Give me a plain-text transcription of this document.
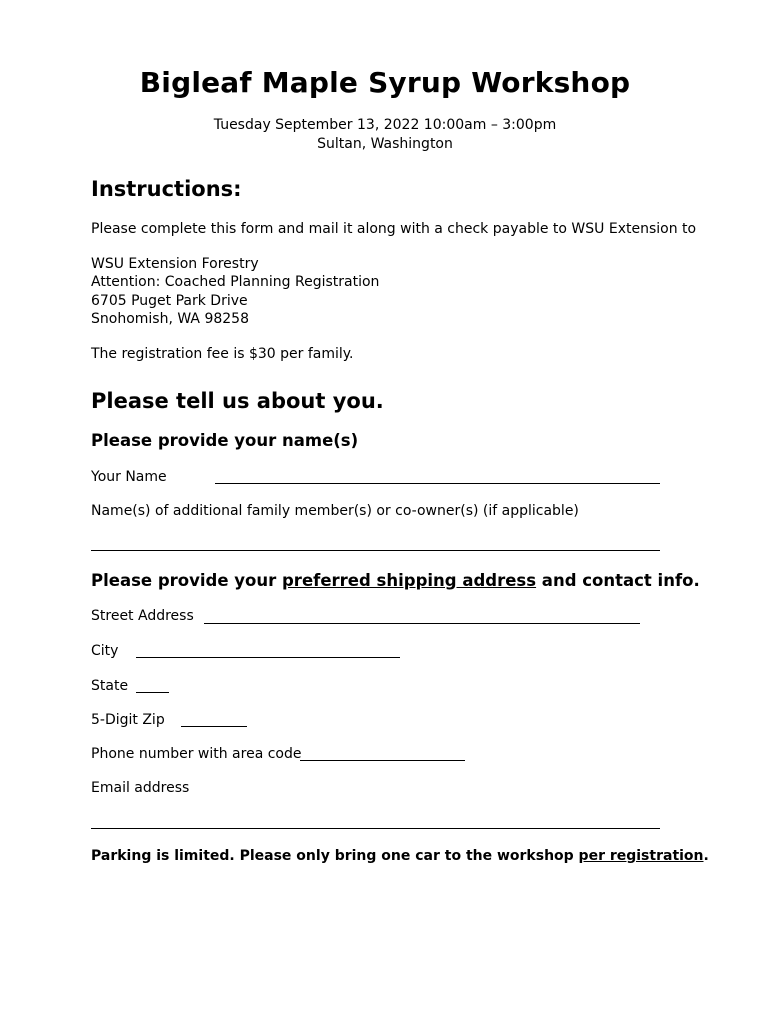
Bigleaf Maple Syrup Workshop
Tuesday September 13, 2022 10:00am – 3:00pm
Sultan, Washington
Instructions:
Please complete this form and mail it along with a check payable to WSU Extension to
WSU Extension Forestry
Attention: Coached Planning Registration
6705 Puget Park Drive
Snohomish, WA 98258
The registration fee is $30 per family.
Please tell us about you.
Please provide your name(s)
Your Name
Name(s) of additional family member(s) or co-owner(s) (if applicable)
Please provide your preferred shipping address and contact info.
Street Address
City
State
5-Digit Zip
Phone number with area code
Email address
Parking is limited. Please only bring one car to the workshop per registration.
